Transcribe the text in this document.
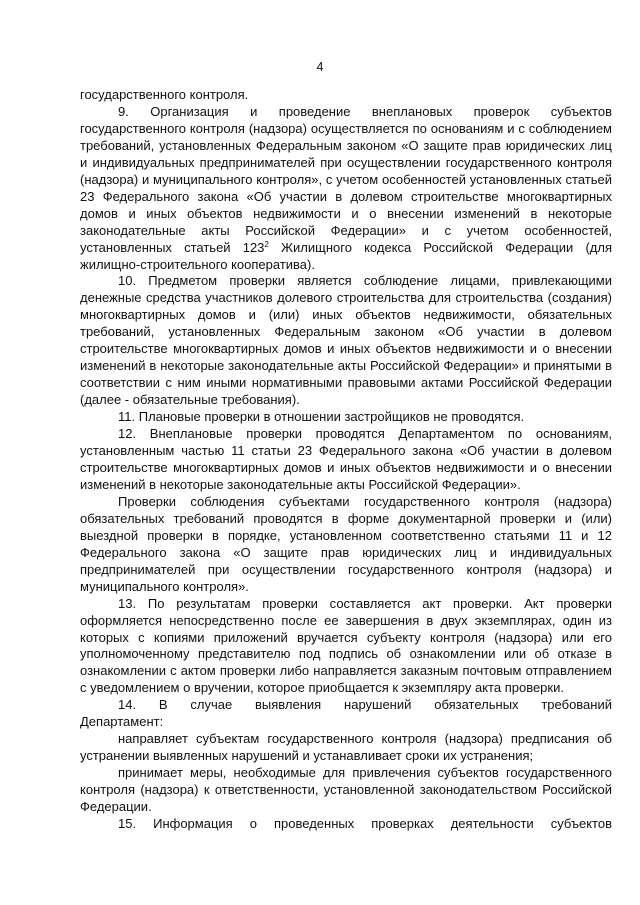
4

государственного контроля.

9. Организация и проведение внеплановых проверок субъектов государственного контроля (надзора) осуществляется по основаниям и с соблюдением требований, установленных Федеральным законом «О защите прав юридических лиц и индивидуальных предпринимателей при осуществлении государственного контроля (надзора) и муниципального контроля», с учетом особенностей установленных статьей 23 Федерального закона «Об участии в долевом строительстве многоквартирных домов и иных объектов недвижимости и о внесении изменений в некоторые законодательные акты Российской Федерации» и с учетом особенностей, установленных статьей $123^2$ Жилищного кодекса Российской Федерации (для жилищно-строительного кооператива).

10. Предметом проверки является соблюдение лицами, привлекающими денежные средства участников долевого строительства для строительства (создания) многоквартирных домов и (или) иных объектов недвижимости, обязательных требований, установленных Федеральным законом «Об участии в долевом строительстве многоквартирных домов и иных объектов недвижимости и о внесении изменений в некоторые законодательные акты Российской Федерации» и принятыми в соответствии с ним иными нормативными правовыми актами Российской Федерации (далее - обязательные требования).

11. Плановые проверки в отношении застройщиков не проводятся.

12. Внеплановые проверки проводятся Департаментом по основаниям, установленным частью 11 статьи 23 Федерального закона «Об участии в долевом строительстве многоквартирных домов и иных объектов недвижимости и о внесении изменений в некоторые законодательные акты Российской Федерации».

Проверки соблюдения субъектами государственного контроля (надзора) обязательных требований проводятся в форме документарной проверки и (или) выездной проверки в порядке, установленном соответственно статьями 11 и 12 Федерального закона «О защите прав юридических лиц и индивидуальных предпринимателей при осуществлении государственного контроля (надзора) и муниципального контроля».

13. По результатам проверки составляется акт проверки. Акт проверки оформляется непосредственно после ее завершения в двух экземплярах, один из которых с копиями приложений вручается субъекту контроля (надзора) или его уполномоченному представителю под подпись об ознакомлении или об отказе в ознакомлении с актом проверки либо направляется заказным почтовым отправлением с уведомлением о вручении, которое приобщается к экземпляру акта проверки.

14. В случае выявления нарушений обязательных требований

Департамент:

направляет субъектам государственного контроля (надзора) предписания об устранении выявленных нарушений и устанавливает сроки их устранения;

принимает меры, необходимые для привлечения субъектов государственного контроля (надзора) к ответственности, установленной законодательством Российской Федерации.

15. Информация о проведенных проверках деятельности субъектов
